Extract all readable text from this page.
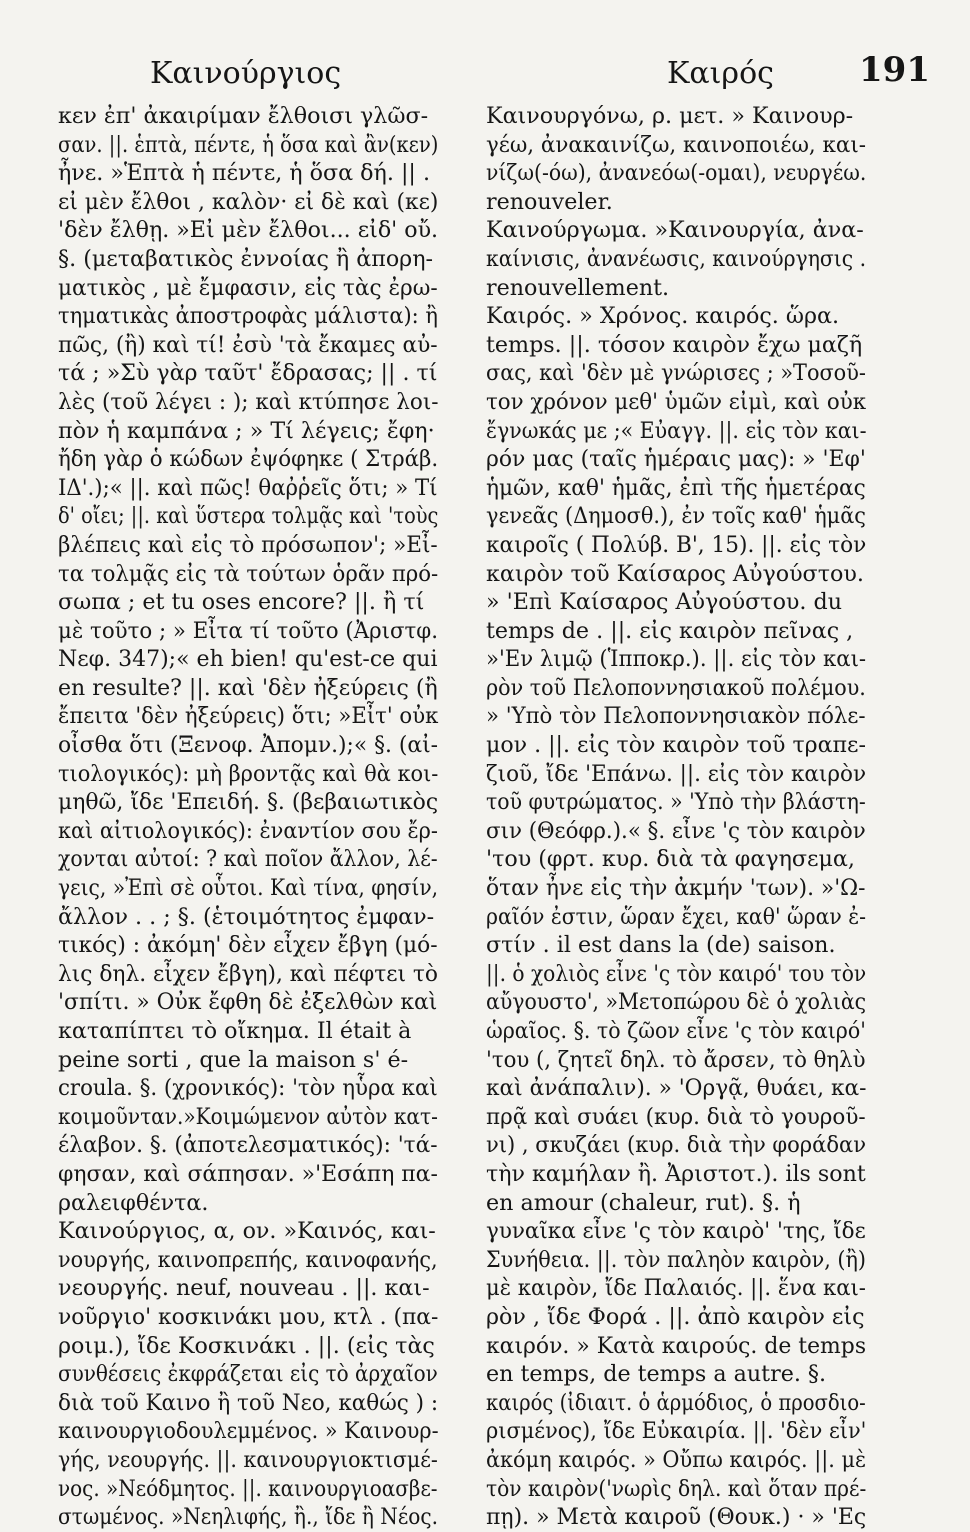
Καινούργιος	Καιρός	191
κεν ἐπ' ἀκαιρίμαν ἔλθοισι γλῶσ-
σαν. ||. ἑπτὰ, πέντε, ἡ ὅσα καὶ ἂν(κεν)
ἦνε. »Ἑπτὰ ἡ πέντε, ἡ ὅσα δή. || .
εἰ μὲν ἔλθοι , καλὸν· εἰ δὲ καὶ (κε)
'δὲν ἔλθῃ. »Εἰ μὲν ἔλθοι... εἰδ' οὔ.
§. (μεταβατικὸς ἐννοίας ἢ ἀπορη-
ματικὸς , μὲ ἔμφασιν, εἰς τὰς ἐρω-
τηματικὰς ἀποστροφὰς μάλιστα): ἢ
πῶς, (ἢ) καὶ τί! ἐσὺ 'τὰ ἔκαμες αὐ-
τά ; »Σὺ γὰρ ταῦτ' ἔδρασας; || . τί
λὲς (τοῦ λέγει : ); καὶ κτύπησε λοι-
πὸν ἡ καμπάνα ; » Τί λέγεις; ἔφη·
ἤδη γὰρ ὁ κώδων ἐψόφηκε ( Στράβ.
ΙΔ'.);« ||. καὶ πῶς! θαῤῥεῖς ὅτι; » Τί
δ' οἴει; ||. καὶ ὕστερα τολμᾷς καὶ 'τοὺς
βλέπεις καὶ εἰς τὸ πρόσωπον'; »Εἶ-
τα τολμᾷς εἰς τὰ τούτων ὁρᾶν πρό-
σωπα ; et tu oses encore? ||. ἢ τί
μὲ τοῦτο ; » Εἶτα τί τοῦτο (Ἀριστφ.
Νεφ. 347);« eh bien! qu'est-ce qui
en resulte? ||. καὶ 'δὲν ἠξεύρεις (ἢ
ἔπειτα 'δὲν ἠξεύρεις) ὅτι; »Εἶτ' οὐκ
οἶσθα ὅτι (Ξενοφ. Ἀπομν.);« §. (αἰ-
τιολογικός): μὴ βροντᾷς καὶ θὰ κοι-
μηθῶ, ἴδε 'Επειδή. §. (βεβαιωτικὸς
καὶ αἰτιολογικός): ἐναντίον σου ἔρ-
χονται αὐτοί: ? καὶ ποῖον ἄλλον, λέ-
γεις, »Ἐπὶ σὲ οὗτοι. Καὶ τίνα, φησίν,
ἄλλον . . ; §. (ἑτοιμότητος ἐμφαν-
τικός) : ἀκόμη' δὲν εἶχεν ἔβγη (μό-
λις δηλ. εἶχεν ἔβγη), καὶ πέφτει τὸ
'σπίτι. » Οὐκ ἔφθη δὲ ἐξελθὼν καὶ
καταπίπτει τὸ οἴκημα. Il était à
peine sorti , que la maison s' é-
croula. §. (χρονικός): 'τὸν ηὗρα καὶ
κοιμοῦνταν.»Κοιμώμενον αὐτὸν κατ-
έλαβον. §. (ἀποτελεσματικός): 'τά-
φησαν, καὶ σάπησαν. »'Εσάπη πα-
ραλειφθέντα.
Καινούργιος, α, ον. »Καινός, και-
νουργής, καινοπρεπής, καινοφανής,
νεουργής. neuf, nouveau . ||. και-
νοῦργιο' κοσκινάκι μου, κτλ . (πα-
ροιμ.), ἴδε Κοσκινάκι . ||. (εἰς τὰς
συνθέσεις ἐκφράζεται εἰς τὸ ἀρχαῖον
διὰ τοῦ Καινο ἢ τοῦ Νεο, καθώς ) :
καινουργιοδουλεμμένος. » Καινουρ-
γής, νεουργής. ||. καινουργιοκτισμέ-
νος. »Νεόδμητος. ||. καινουργιοασβε-
στωμένος. »Νεηλιφής, ἢ., ἴδε ἢ Νέος.
Καινουργόνω, ρ. μετ. » Καινουρ-
γέω, ἀνακαινίζω, καινοποιέω, και-
νίζω(-όω), ἀνανεόω(-ομαι), νευργέω.
renouveler.
Καινούργωμα. »Καινουργία, ἀνα-
καίνισις, ἀνανέωσις, καινούργησις .
renouvellement.
Καιρός. » Χρόνος. καιρός. ὥρα.
temps. ||. τόσον καιρὸν ἔχω μαζῆ
σας, καὶ 'δὲν μὲ γνώρισες ; »Τοσοῦ-
τον χρόνον μεθ' ὑμῶν εἰμὶ, καὶ οὐκ
ἔγνωκάς με ;« Εὐαγγ. ||. εἰς τὸν και-
ρόν μας (ταῖς ἡμέραις μας): » 'Εφ'
ἡμῶν, καθ' ἡμᾶς, ἐπὶ τῆς ἡμετέρας
γενεᾶς (Δημοσθ.), ἐν τοῖς καθ' ἡμᾶς
καιροῖς ( Πολύβ. Β', 15). ||. εἰς τὸν
καιρὸν τοῦ Καίσαρος Αὐγούστου.
» 'Επὶ Καίσαρος Αὐγούστου. du
temps de . ||. εἰς καιρὸν πεῖνας ,
»'Εν λιμῷ (Ἱπποκρ.). ||. εἰς τὸν και-
ρὸν τοῦ Πελοποννησιακοῦ πολέμου.
» 'Υπὸ τὸν Πελοποννησιακὸν πόλε-
μον . ||. εἰς τὸν καιρὸν τοῦ τραπε-
ζιοῦ, ἴδε 'Επάνω. ||. εἰς τὸν καιρὸν
τοῦ φυτρώματος. » 'Υπὸ τὴν βλάστη-
σιν (Θεόφρ.).« §. εἶνε 'ς τὸν καιρὸν
'του (φρτ. κυρ. διὰ τὰ φαγησεμα,
ὅταν ἦνε εἰς τὴν ἀκμήν 'των). »'Ω-
ραῖόν ἐστιν, ὥραν ἔχει, καθ' ὥραν ἐ-
στίν . il est dans la (de) saison.
||. ὁ χολιὸς εἶνε 'ς τὸν καιρό' του τὸν
αὔγουστο', »Μετοπώρου δὲ ὁ χολιὰς
ὡραῖος. §. τὸ ζῶον εἶνε 'ς τὸν καιρό'
'του (, ζητεῖ δηλ. τὸ ἄρσεν, τὸ θηλὺ
καὶ ἀνάπαλιν). » 'Οργᾷ, θυάει, κα-
πρᾷ καὶ συάει (κυρ. διὰ τὸ γουροῦ-
νι) , σκυζάει (κυρ. διὰ τὴν φοράδαν
τὴν καμήλαν ἢ. Ἀριστοτ.). ils sont
en amour (chaleur, rut). §. ἡ
γυναῖκα εἶνε 'ς τὸν καιρὸ' 'της, ἴδε
Συνήθεια. ||. τὸν παληὸν καιρὸν, (ἢ)
μὲ καιρὸν, ἴδε Παλαιός. ||. ἕνα και-
ρὸν , ἴδε Φορά . ||. ἀπὸ καιρὸν εἰς
καιρόν. » Κατὰ καιρούς. de temps
en temps, de temps a autre. §.
καιρός (ἰδιαιτ. ὁ ἁρμόδιος, ὁ προσδιο-
ρισμένος), ἴδε Εὐκαιρία. ||. 'δὲν εἶν'
ἀκόμη καιρός. » Οὔπω καιρός. ||. μὲ
τὸν καιρὸν('νωρὶς δηλ. καὶ ὅταν πρέ-
πῃ). » Μετὰ καιροῦ (Θουκ.) · » 'Ες
